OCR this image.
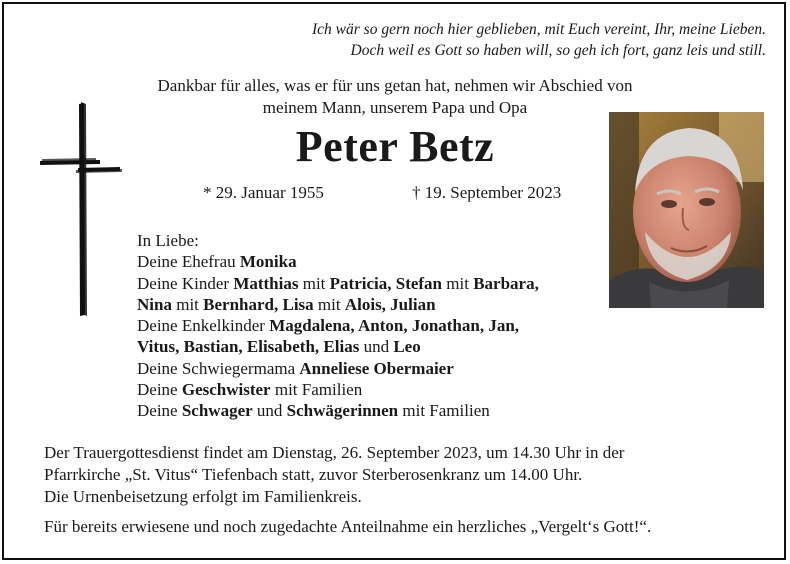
Ich wär so gern noch hier geblieben, mit Euch vereint, Ihr, meine Lieben.
Doch weil es Gott so haben will, so geh ich fort, ganz leis und still.
Dankbar für alles, was er für uns getan hat, nehmen wir Abschied von
meinem Mann, unserem Papa und Opa
Peter Betz
* 29. Januar 1955	† 19. September 2023
In Liebe:
Deine Ehefrau Monika
Deine Kinder Matthias mit Patricia, Stefan mit Barbara,
Nina mit Bernhard, Lisa mit Alois, Julian
Deine Enkelkinder Magdalena, Anton, Jonathan, Jan,
Vitus, Bastian, Elisabeth, Elias und Leo
Deine Schwiegermama Anneliese Obermaier
Deine Geschwister mit Familien
Deine Schwager und Schwägerinnen mit Familien
Der Trauergottesdienst findet am Dienstag, 26. September 2023, um 14.30 Uhr in der
Pfarrkirche „St. Vitus“ Tiefenbach statt, zuvor Sterberosenkranz um 14.00 Uhr.
Die Urnenbeisetzung erfolgt im Familienkreis.
Für bereits erwiesene und noch zugedachte Anteilnahme ein herzliches „Vergelt‘s Gott!“.
